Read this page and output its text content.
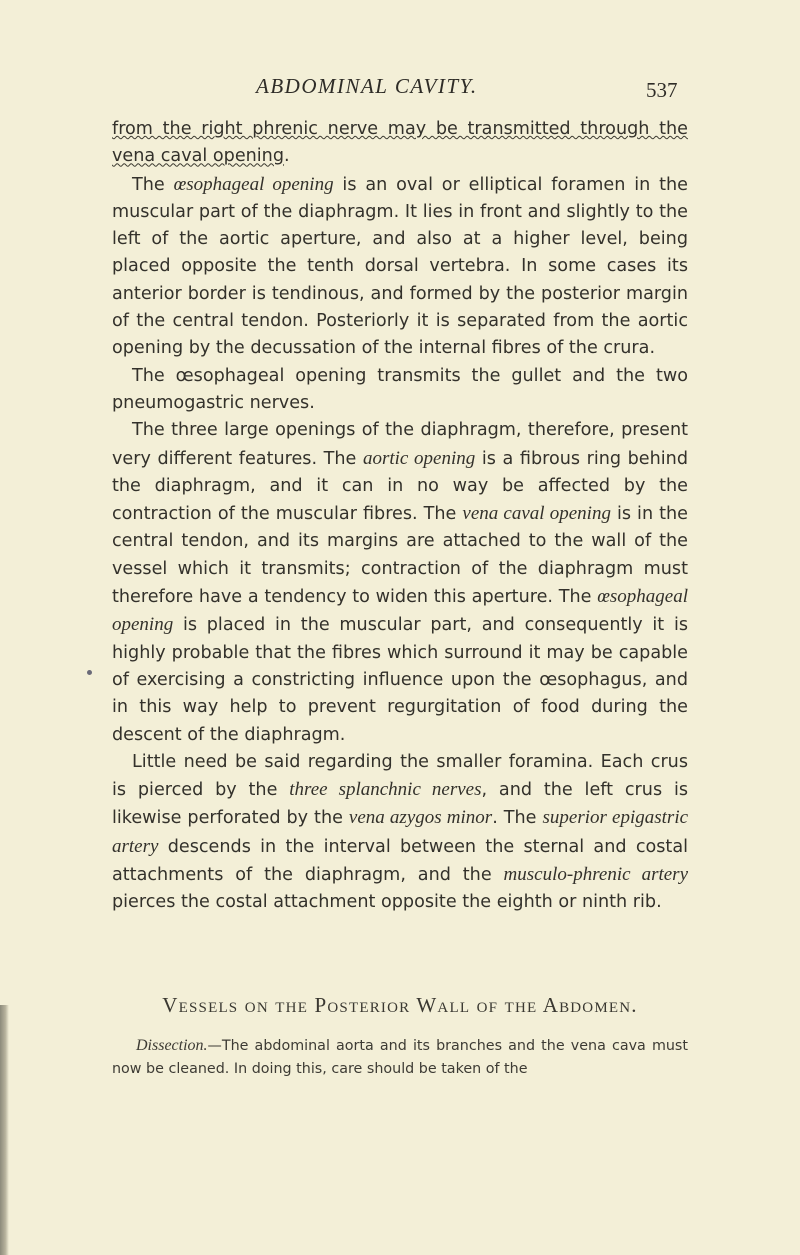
ABDOMINAL CAVITY.	537

from the right phrenic nerve may be transmitted through the vena caval opening.

The œsophageal opening is an oval or elliptical foramen in the muscular part of the diaphragm. It lies in front and slightly to the left of the aortic aperture, and also at a higher level, being placed opposite the tenth dorsal vertebra. In some cases its anterior border is tendinous, and formed by the posterior margin of the central tendon. Posteriorly it is separated from the aortic opening by the decussation of the internal fibres of the crura.

The œsophageal opening transmits the gullet and the two pneumogastric nerves.

The three large openings of the diaphragm, therefore, present very different features. The aortic opening is a fibrous ring behind the diaphragm, and it can in no way be affected by the contraction of the muscular fibres. The vena caval opening is in the central tendon, and its margins are attached to the wall of the vessel which it transmits; contraction of the diaphragm must therefore have a tendency to widen this aperture. The œsophageal opening is placed in the muscular part, and consequently it is highly probable that the fibres which surround it may be capable of exercising a constricting influence upon the œsophagus, and in this way help to prevent regurgitation of food during the descent of the diaphragm.

Little need be said regarding the smaller foramina. Each crus is pierced by the three splanchnic nerves, and the left crus is likewise perforated by the vena azygos minor. The superior epigastric artery descends in the interval between the sternal and costal attachments of the diaphragm, and the musculo-phrenic artery pierces the costal attachment opposite the eighth or ninth rib.

Vessels on the Posterior Wall of the Abdomen.

Dissection.—The abdominal aorta and its branches and the vena cava must now be cleaned. In doing this, care should be taken of the
